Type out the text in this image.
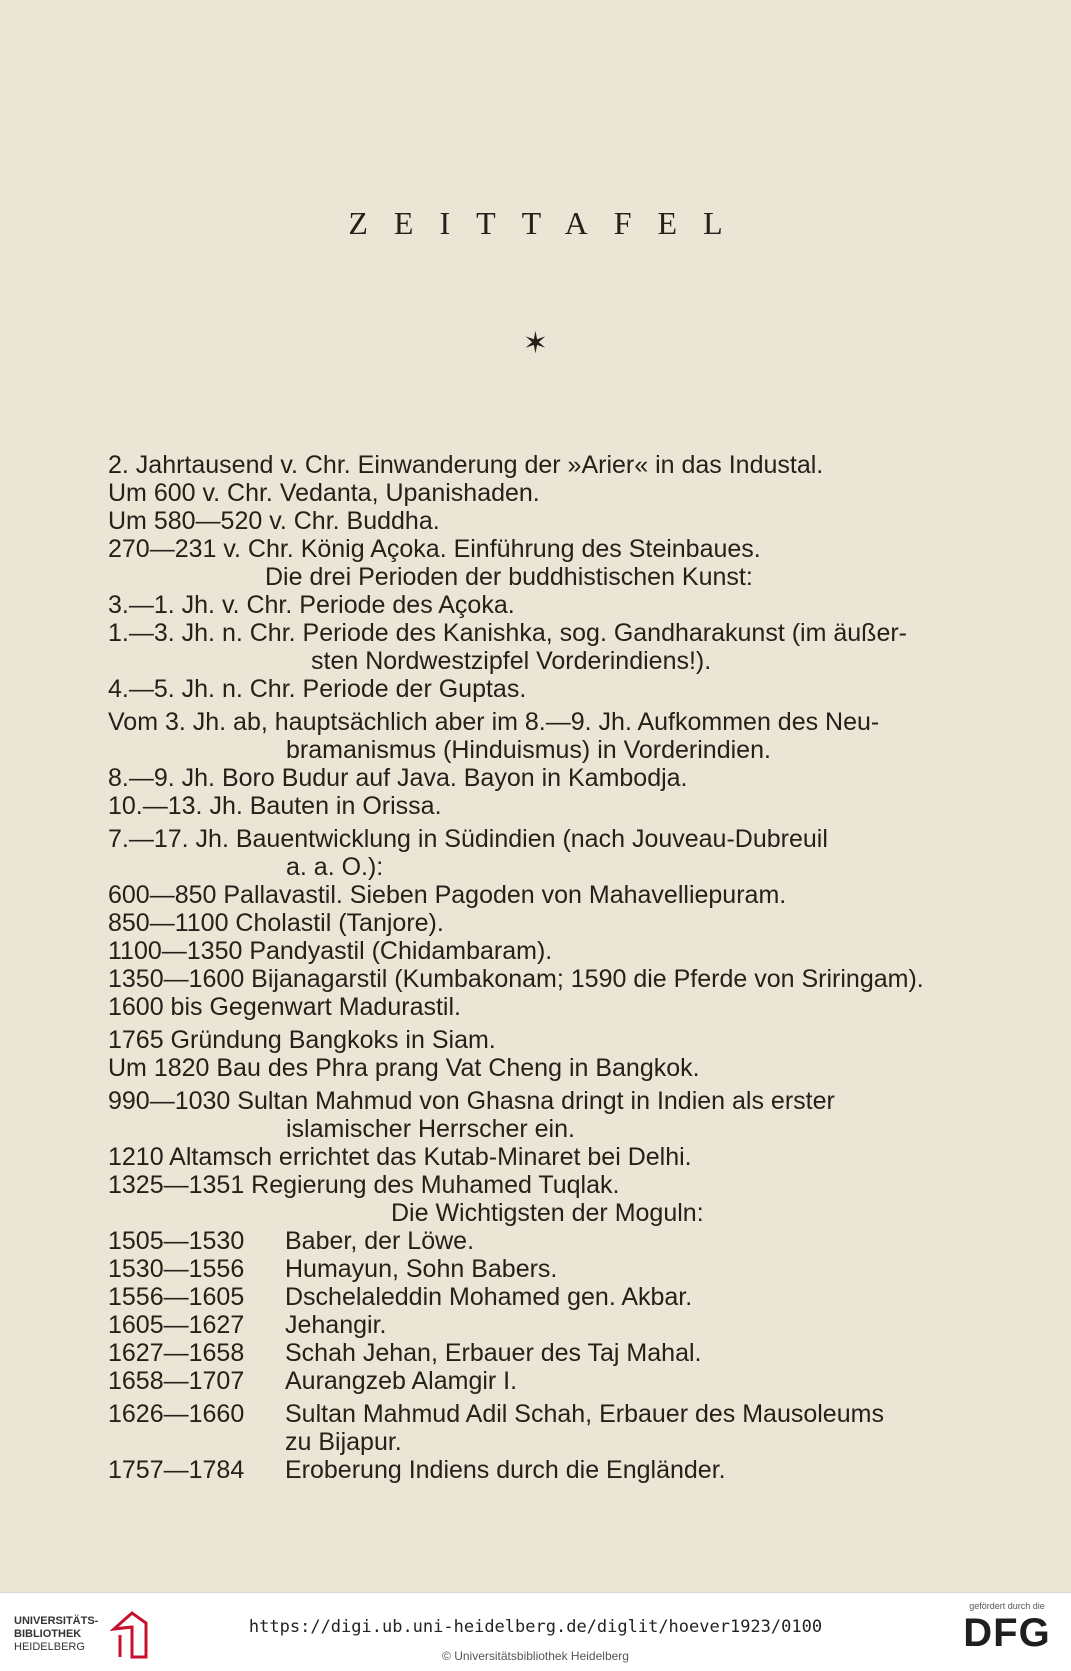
ZEITTAFEL
✶
2. Jahrtausend v. Chr. Einwanderung der »Arier« in das Industal.
Um 600 v. Chr. Vedanta, Upanishaden.
Um 580—520 v. Chr. Buddha.
270—231 v. Chr. König Açoka. Einführung des Steinbaues.
Die drei Perioden der buddhistischen Kunst:
3.—1. Jh. v. Chr. Periode des Açoka.
1.—3. Jh. n. Chr. Periode des Kanishka, sog. Gandharakunst (im äußer-
sten Nordwestzipfel Vorderindiens!).
4.—5. Jh. n. Chr. Periode der Guptas.
Vom 3. Jh. ab, hauptsächlich aber im 8.—9. Jh. Aufkommen des Neu-
bramanismus (Hinduismus) in Vorderindien.
8.—9. Jh. Boro Budur auf Java. Bayon in Kambodja.
10.—13. Jh. Bauten in Orissa.
7.—17. Jh. Bauentwicklung in Südindien (nach Jouveau-Dubreuil
a. a. O.):
600—850 Pallavastil. Sieben Pagoden von Mahavelliepuram.
850—1100 Cholastil (Tanjore).
1100—1350 Pandyastil (Chidambaram).
1350—1600 Bijanagarstil (Kumbakonam; 1590 die Pferde von Sriringam).
1600 bis Gegenwart Madurastil.
1765 Gründung Bangkoks in Siam.
Um 1820 Bau des Phra prang Vat Cheng in Bangkok.
990—1030 Sultan Mahmud von Ghasna dringt in Indien als erster
islamischer Herrscher ein.
1210 Altamsch errichtet das Kutab-Minaret bei Delhi.
1325—1351 Regierung des Muhamed Tuqlak.
Die Wichtigsten der Moguln:
1505—1530	Baber, der Löwe.
1530—1556	Humayun, Sohn Babers.
1556—1605	Dschelaleddin Mohamed gen. Akbar.
1605—1627	Jehangir.
1627—1658	Schah Jehan, Erbauer des Taj Mahal.
1658—1707	Aurangzeb Alamgir I.
1626—1660	Sultan Mahmud Adil Schah, Erbauer des Mausoleums
zu Bijapur.
1757—1784	Eroberung Indiens durch die Engländer.
UNIVERSITÄTS-
BIBLIOTHEK
HEIDELBERG
https://digi.ub.uni-heidelberg.de/diglit/hoever1923/0100
© Universitätsbibliothek Heidelberg
gefördert durch die
DFG
